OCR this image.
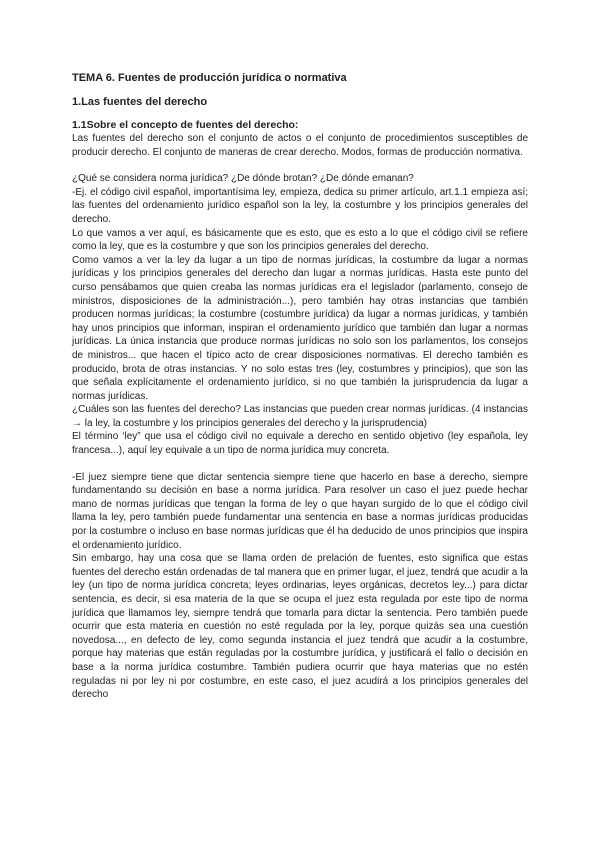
TEMA 6. Fuentes de producción jurídica o normativa
1.Las fuentes del derecho
1.1Sobre el concepto de fuentes del derecho:

Las fuentes del derecho son el conjunto de actos o el conjunto de procedimientos susceptibles de producir derecho. El conjunto de maneras de crear derecho. Modos, formas de producción normativa.

¿Qué se considera norma jurídica? ¿De dónde brotan? ¿De dónde emanan?

-Ej. el código civil español, importantísima ley, empieza, dedica su primer artículo, art.1.1 empieza así; las fuentes del ordenamiento jurídico español son la ley, la costumbre y los principios generales del derecho.

Lo que vamos a ver aquí, es básicamente que es esto, que es esto a lo que el código civil se refiere como la ley, que es la costumbre y que son los principios generales del derecho.

Como vamos a ver la ley da lugar a un tipo de normas jurídicas, la costumbre da lugar a normas jurídicas y los principios generales del derecho dan lugar a normas jurídicas. Hasta este punto del curso pensábamos que quien creaba las normas jurídicas era el legislador (parlamento, consejo de ministros, disposiciones de la administración...), pero también hay otras instancias que también producen normas jurídicas; la costumbre (costumbre jurídica) da lugar a normas jurídicas, y también hay unos principios que informan, inspiran el ordenamiento jurídico que también dan lugar a normas jurídicas. La única instancia que produce normas jurídicas no solo son los parlamentos, los consejos de ministros... que hacen el típico acto de crear disposiciones normativas. El derecho también es producido, brota de otras instancias. Y no solo estas tres (ley, costumbres y principios), que son las que señala explícitamente el ordenamiento jurídico, si no que también la jurisprudencia da lugar a normas jurídicas.

¿Cuáles son las fuentes del derecho? Las instancias que pueden crear normas jurídicas. (4 instancias → la ley, la costumbre y los principios generales del derecho y la jurisprudencia)

El término ‘ley” que usa el código civil no equivale a derecho en sentido objetivo (ley española, ley francesa...), aquí ley equivale a un tipo de norma jurídica muy concreta.

-El juez siempre tiene que dictar sentencia siempre tiene que hacerlo en base a derecho, siempre fundamentando su decisión en base a norma jurídica. Para resolver un caso el juez puede hechar mano de normas jurídicas que tengan la forma de ley o que hayan surgido de lo que el código civil llama la ley, pero también puede fundamentar una sentencia en base a normas jurídicas producidas por la costumbre o incluso en base normas jurídicas que él ha deducido de unos principios que inspira el ordenamiento jurídico.

Sin embargo, hay una cosa que se llama orden de prelación de fuentes, esto significa que estas fuentes del derecho están ordenadas de tal manera que en primer lugar, el juez, tendrá que acudir a la ley (un tipo de norma jurídica concreta; leyes ordinarias, leyes orgánicas, decretos ley...) para dictar sentencia, es decir, si esa materia de la que se ocupa el juez esta regulada por este tipo de norma jurídica que llamamos ley, siempre tendrá que tomarla para dictar la sentencia. Pero también puede ocurrir que esta materia en cuestión no esté regulada por la ley, porque quizás sea una cuestión novedosa..., en defecto de ley, como segunda instancia el juez tendrá que acudir a la costumbre, porque hay materias que están reguladas por la costumbre jurídica, y justificará el fallo o decisión en base a la norma jurídica costumbre. También pudiera ocurrir que haya materias que no estén reguladas ni por ley ni por costumbre, en este caso, el juez acudirá a los principios generales del derecho
